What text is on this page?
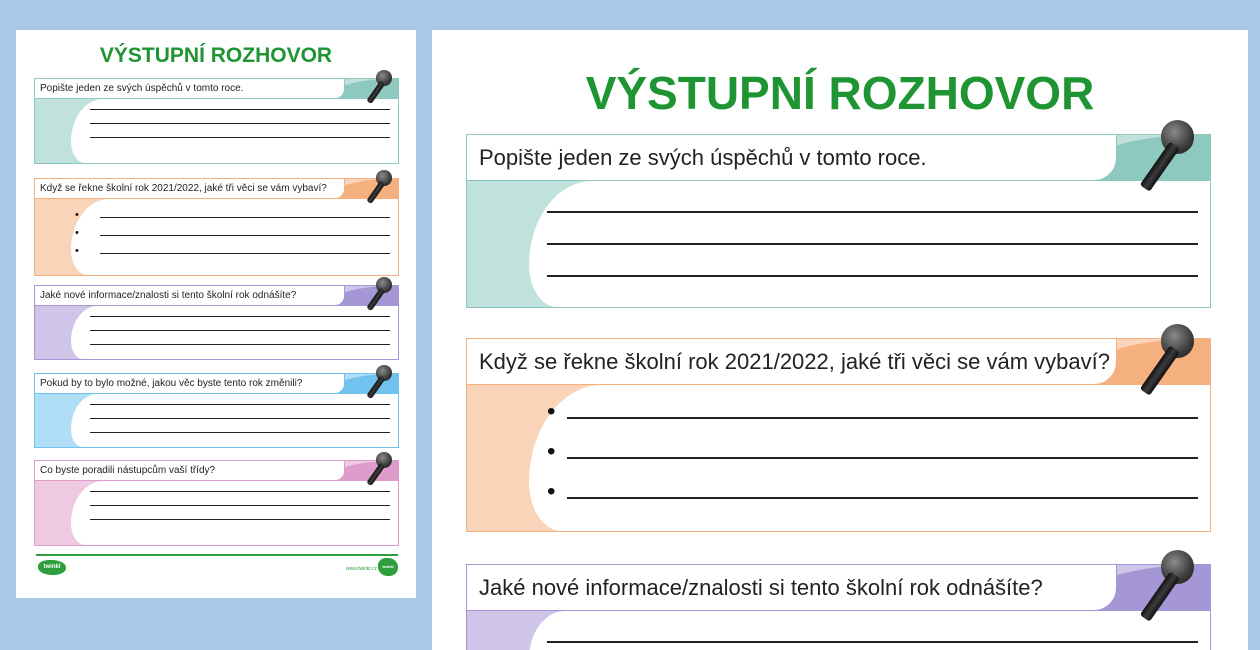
VÝSTUPNÍ ROZHOVOR
twinkl	www.twinkl.cz	twinkl
Popište jeden ze svých úspěchů v tomto roce.
Když se řekne školní rok 2021/2022, jaké tři věci se vám vybaví?
•
•
•
Jaké nové informace/znalosti si tento školní rok odnášíte?
Pokud by to bylo možné, jakou věc byste tento rok změnili?
Co byste poradili nástupcům vaší třídy?
VÝSTUPNÍ ROZHOVOR
Popište jeden ze svých úspěchů v tomto roce.
Když se řekne školní rok 2021/2022, jaké tři věci se vám vybaví?
•
•
•
Jaké nové informace/znalosti si tento školní rok odnášíte?
